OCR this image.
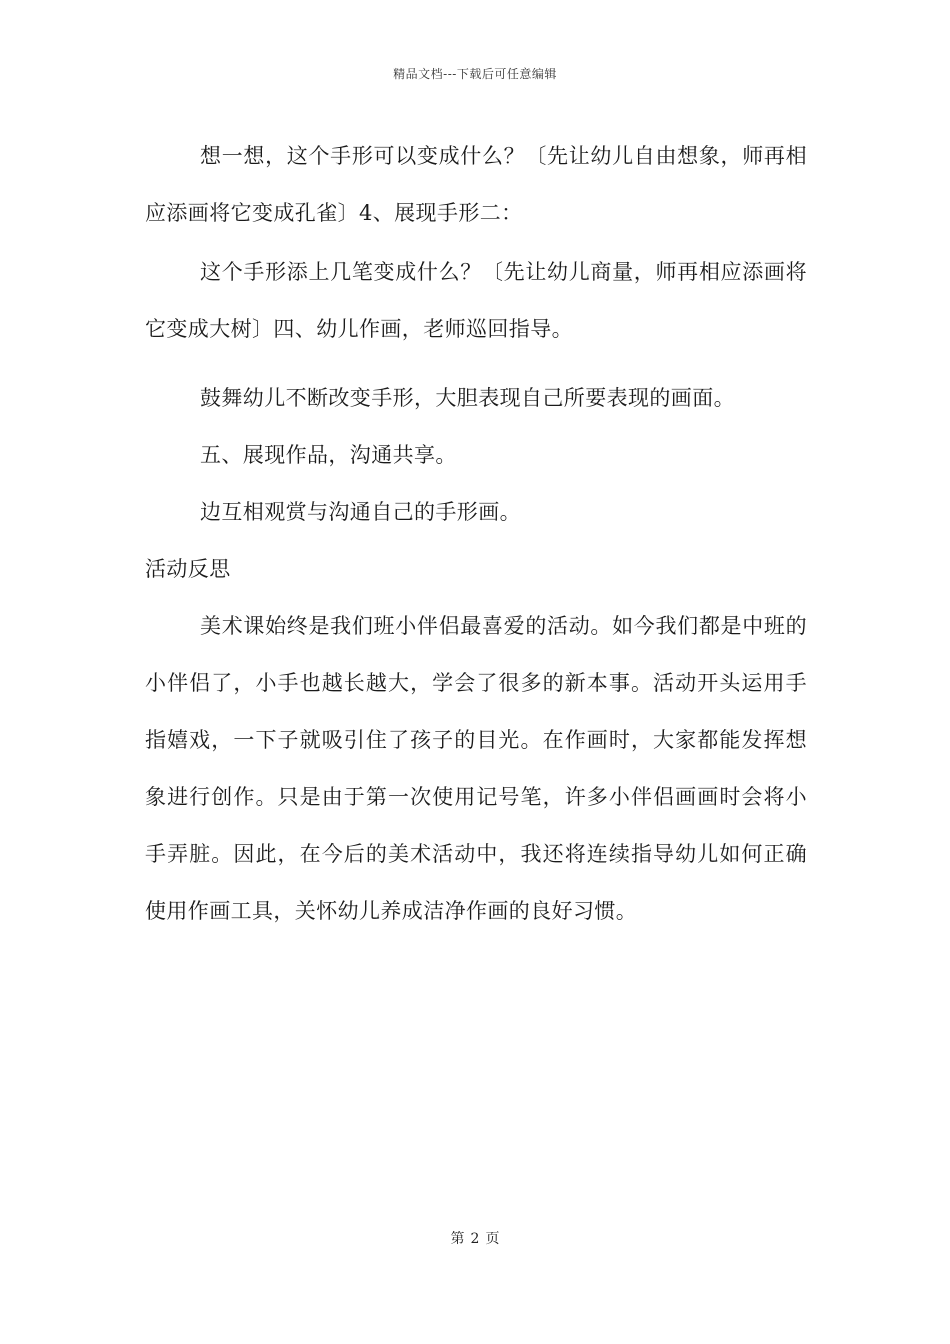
精品文档---下载后可任意编辑

想一想，这个手形可以变成什么？〔先让幼儿自由想象，师再相应添画将它变成孔雀〕4、展现手形二：

这个手形添上几笔变成什么？〔先让幼儿商量，师再相应添画将它变成大树〕四、幼儿作画，老师巡回指导。

鼓舞幼儿不断改变手形，大胆表现自己所要表现的画面。

五、展现作品，沟通共享。

边互相观赏与沟通自己的手形画。

活动反思

美术课始终是我们班小伴侣最喜爱的活动。如今我们都是中班的小伴侣了，小手也越长越大，学会了很多的新本事。活动开头运用手指嬉戏，一下子就吸引住了孩子的目光。在作画时，大家都能发挥想象进行创作。只是由于第一次使用记号笔，许多小伴侣画画时会将小手弄脏。因此，在今后的美术活动中，我还将连续指导幼儿如何正确使用作画工具，关怀幼儿养成洁净作画的良好习惯。

第 2 页
